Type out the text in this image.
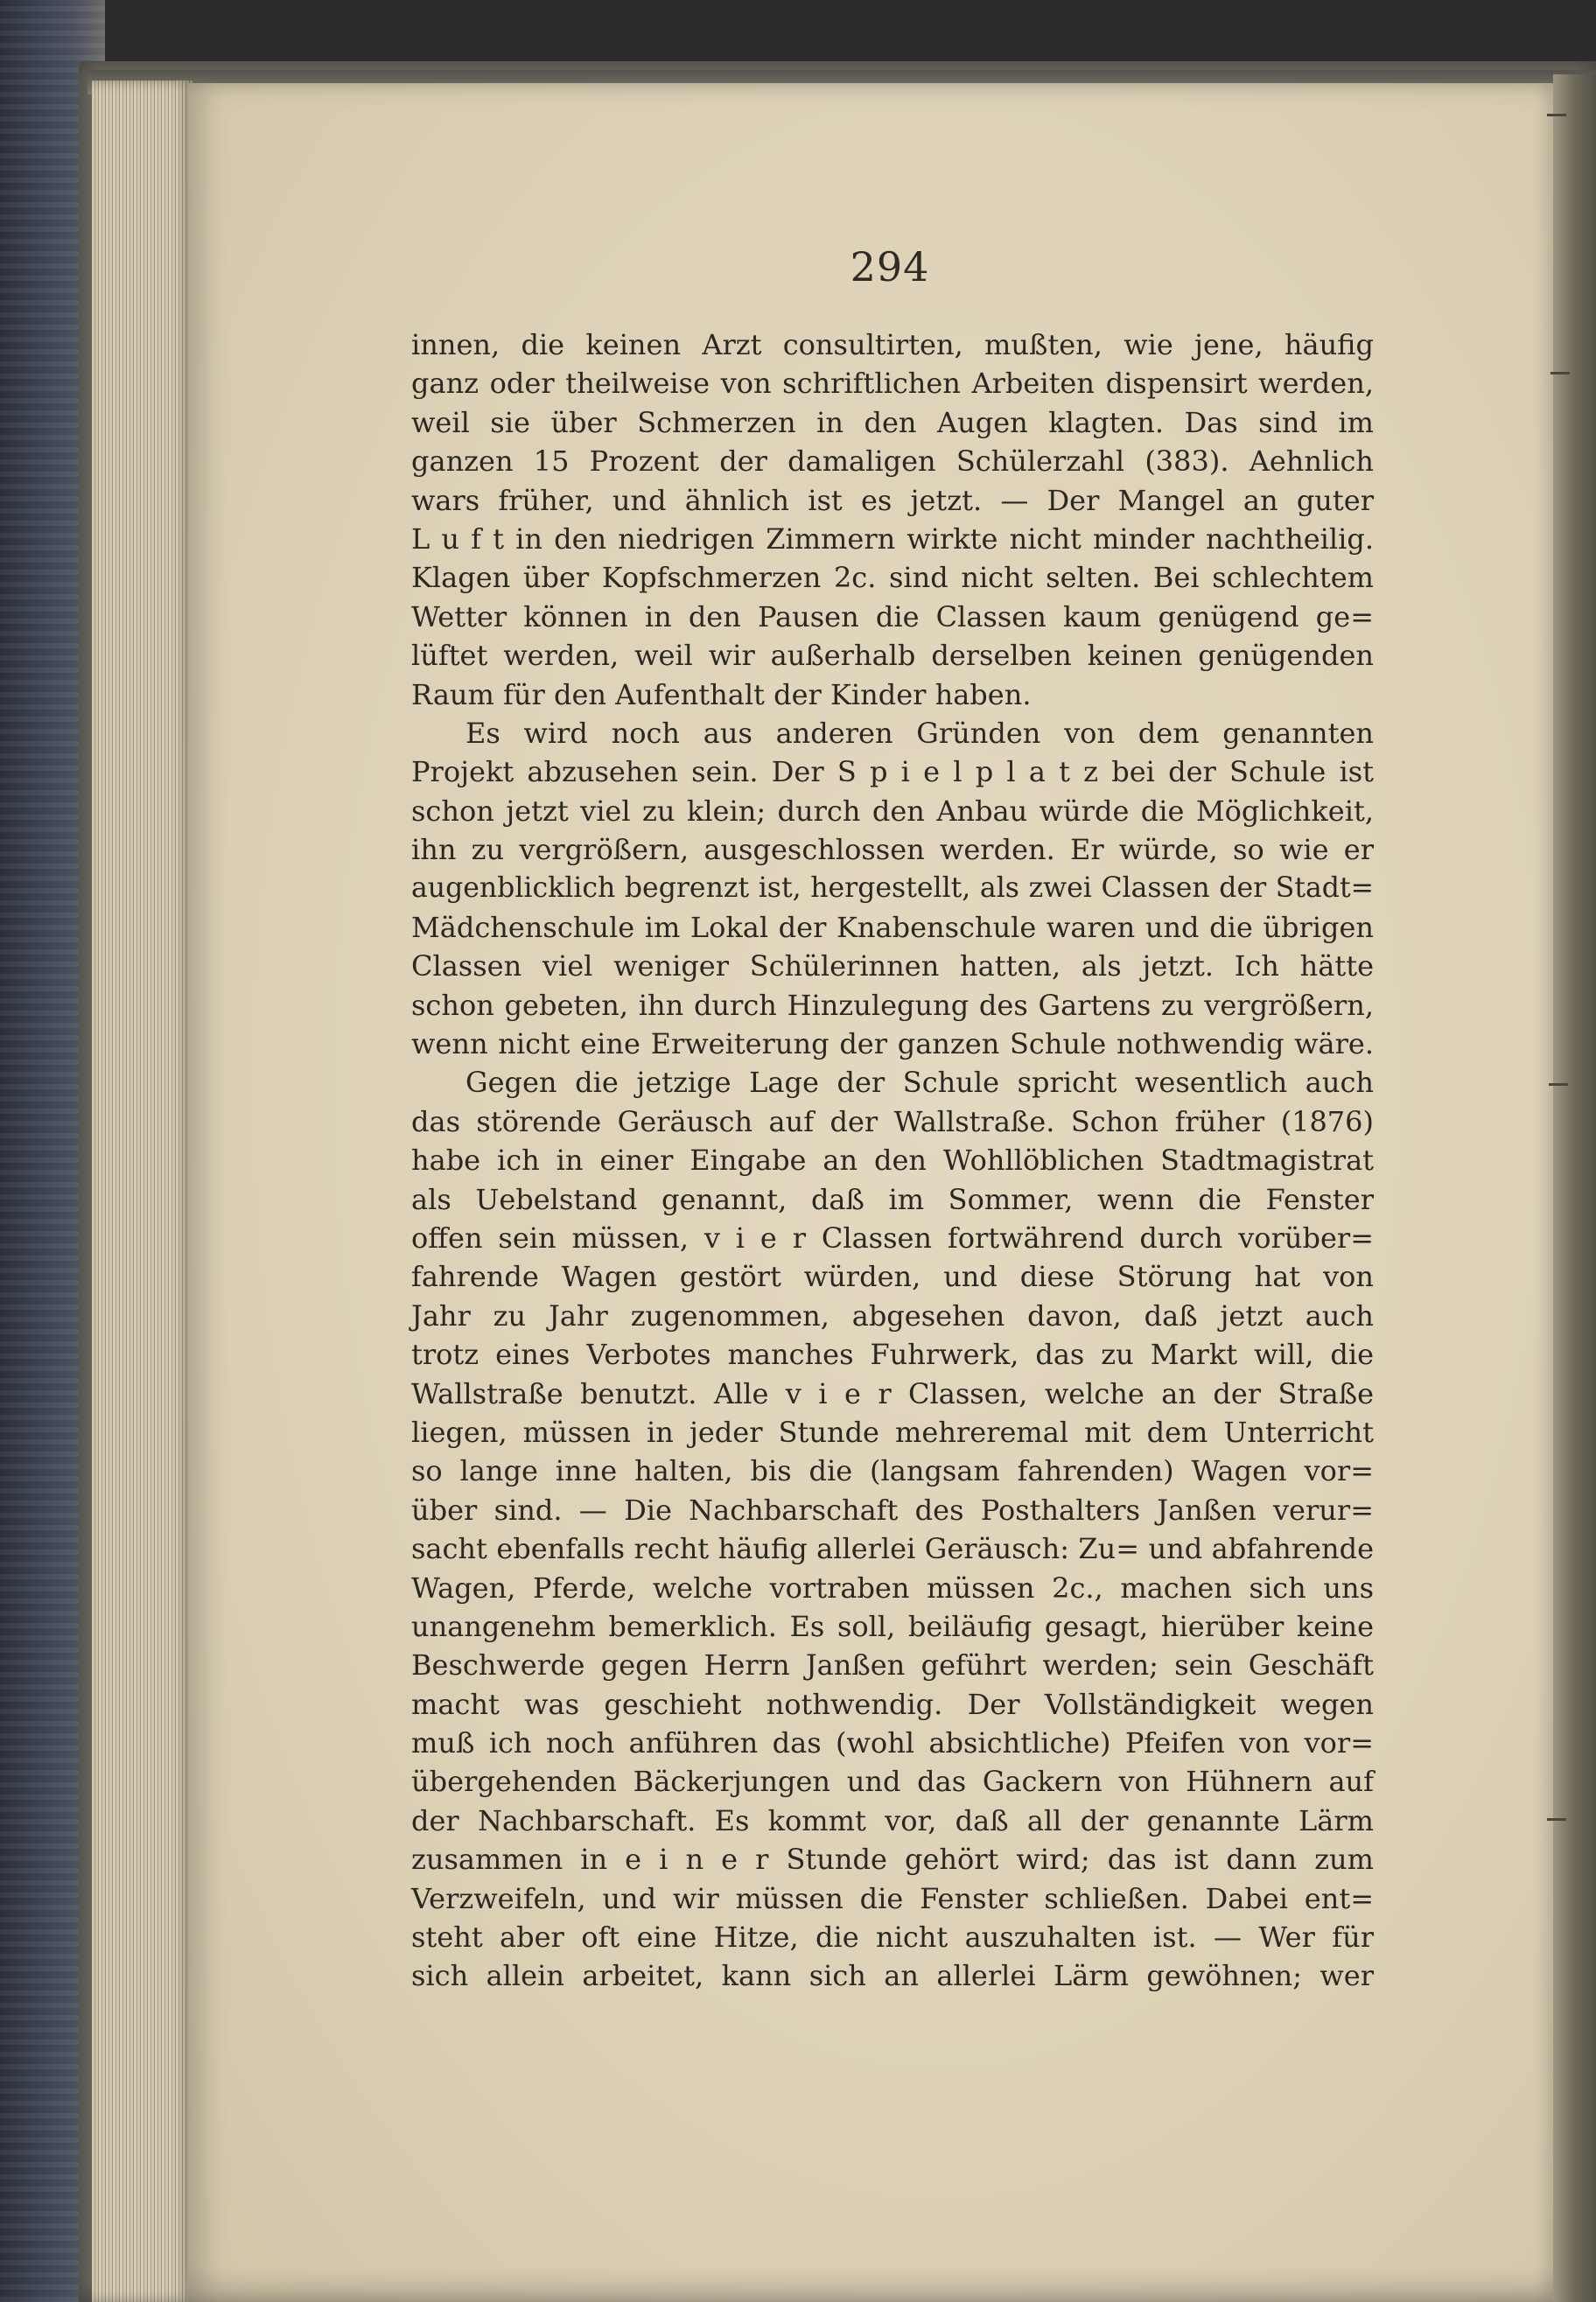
294
innen, die keinen Arzt consultirten, mußten, wie jene, häufig
ganz oder theilweise von schriftlichen Arbeiten dispensirt werden,
weil sie über Schmerzen in den Augen klagten. Das sind im
ganzen 15 Prozent der damaligen Schülerzahl (383). Aehnlich
wars früher, und ähnlich ist es jetzt. — Der Mangel an guter
L u f t in den niedrigen Zimmern wirkte nicht minder nachtheilig.
Klagen über Kopfschmerzen 2c. sind nicht selten. Bei schlechtem
Wetter können in den Pausen die Classen kaum genügend ge=
lüftet werden, weil wir außerhalb derselben keinen genügenden
Raum für den Aufenthalt der Kinder haben.
Es wird noch aus anderen Gründen von dem genannten
Projekt abzusehen sein. Der S p i e l p l a t z bei der Schule ist
schon jetzt viel zu klein; durch den Anbau würde die Möglichkeit,
ihn zu vergrößern, ausgeschlossen werden. Er würde, so wie er
augenblicklich begrenzt ist, hergestellt, als zwei Classen der Stadt=
Mädchenschule im Lokal der Knabenschule waren und die übrigen
Classen viel weniger Schülerinnen hatten, als jetzt. Ich hätte
schon gebeten, ihn durch Hinzulegung des Gartens zu vergrößern,
wenn nicht eine Erweiterung der ganzen Schule nothwendig wäre.
Gegen die jetzige Lage der Schule spricht wesentlich auch
das störende Geräusch auf der Wallstraße. Schon früher (1876)
habe ich in einer Eingabe an den Wohllöblichen Stadtmagistrat
als Uebelstand genannt, daß im Sommer, wenn die Fenster
offen sein müssen, v i e r Classen fortwährend durch vorüber=
fahrende Wagen gestört würden, und diese Störung hat von
Jahr zu Jahr zugenommen, abgesehen davon, daß jetzt auch
trotz eines Verbotes manches Fuhrwerk, das zu Markt will, die
Wallstraße benutzt. Alle v i e r Classen, welche an der Straße
liegen, müssen in jeder Stunde mehreremal mit dem Unterricht
so lange inne halten, bis die (langsam fahrenden) Wagen vor=
über sind. — Die Nachbarschaft des Posthalters Janßen verur=
sacht ebenfalls recht häufig allerlei Geräusch: Zu= und abfahrende
Wagen, Pferde, welche vortraben müssen 2c., machen sich uns
unangenehm bemerklich. Es soll, beiläufig gesagt, hierüber keine
Beschwerde gegen Herrn Janßen geführt werden; sein Geschäft
macht was geschieht nothwendig. Der Vollständigkeit wegen
muß ich noch anführen das (wohl absichtliche) Pfeifen von vor=
übergehenden Bäckerjungen und das Gackern von Hühnern auf
der Nachbarschaft. Es kommt vor, daß all der genannte Lärm
zusammen in e i n e r Stunde gehört wird; das ist dann zum
Verzweifeln, und wir müssen die Fenster schließen. Dabei ent=
steht aber oft eine Hitze, die nicht auszuhalten ist. — Wer für
sich allein arbeitet, kann sich an allerlei Lärm gewöhnen; wer
